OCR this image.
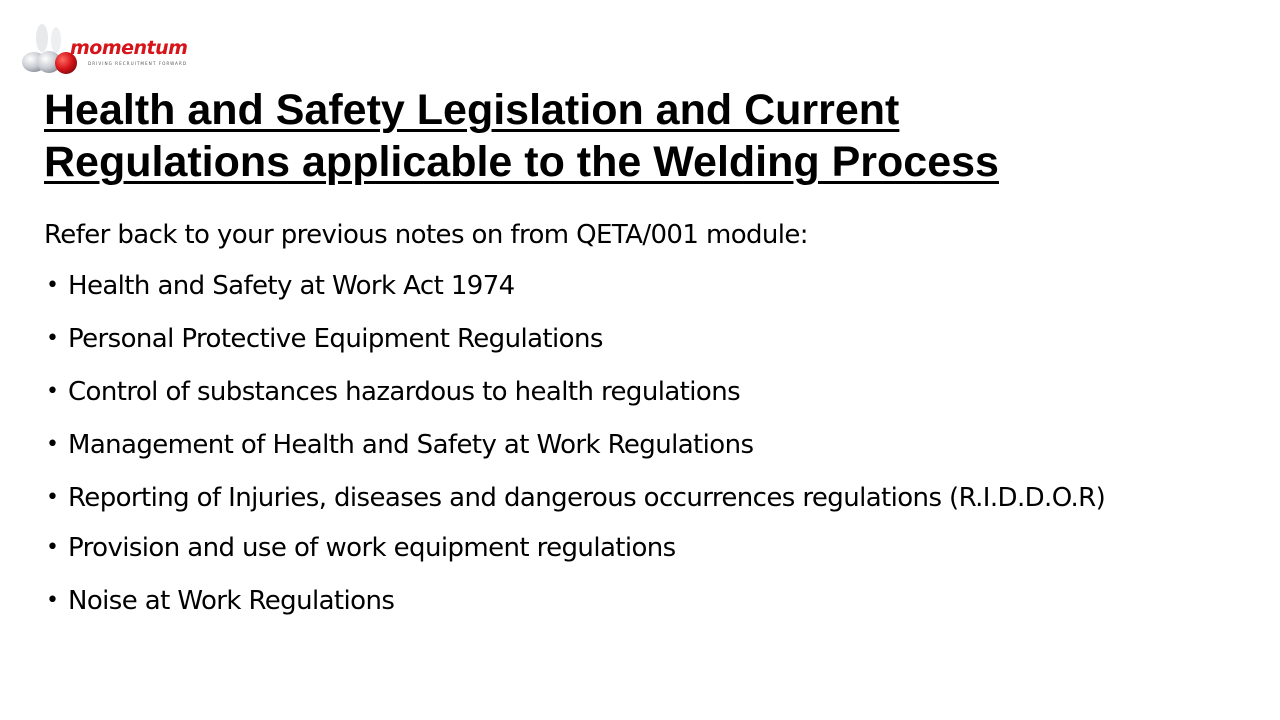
momentum
DRIVING RECRUITMENT FORWARD
Health and Safety Legislation and Current
Regulations applicable to the Welding Process
Refer back to your previous notes on from QETA/001 module:
• Health and Safety at Work Act 1974
• Personal Protective Equipment Regulations
• Control of substances hazardous to health regulations
• Management of Health and Safety at Work Regulations
• Reporting of Injuries, diseases and dangerous occurrences regulations (R.I.D.D.O.R)
• Provision and use of work equipment regulations
• Noise at Work Regulations
